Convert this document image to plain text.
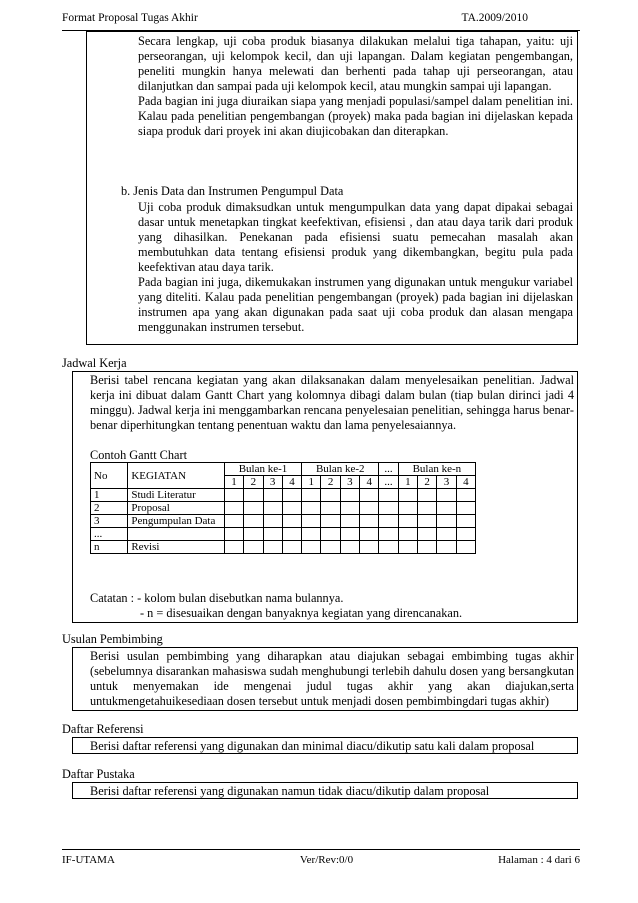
Format Proposal Tugas Akhir	TA.2009/2010

Secara lengkap, uji coba produk biasanya dilakukan melalui tiga tahapan, yaitu: uji perseorangan, uji kelompok kecil, dan uji lapangan. Dalam kegiatan pengembangan, peneliti mungkin hanya melewati dan berhenti pada tahap uji perseorangan, atau dilanjutkan dan sampai pada uji kelompok kecil, atau mungkin sampai uji lapangan.

Pada bagian ini juga diuraikan siapa yang menjadi populasi/sampel dalam penelitian ini. Kalau pada penelitian pengembangan (proyek) maka pada bagian ini dijelaskan kepada siapa produk dari proyek ini akan diujicobakan dan diterapkan.

b. Jenis Data dan Instrumen Pengumpul Data

Uji coba produk dimaksudkan untuk mengumpulkan data yang dapat dipakai sebagai dasar untuk menetapkan tingkat keefektivan, efisiensi , dan atau daya tarik dari produk yang dihasilkan. Penekanan pada efisiensi suatu pemecahan masalah akan membutuhkan data tentang efisiensi produk yang dikembangkan, begitu pula pada keefektivan atau daya tarik.

Pada bagian ini juga, dikemukakan instrumen yang digunakan untuk mengukur variabel yang diteliti. Kalau pada penelitian pengembangan (proyek) pada bagian ini dijelaskan instrumen apa yang akan digunakan pada saat uji coba produk dan alasan mengapa menggunakan instrumen tersebut.

Jadwal Kerja
Berisi tabel rencana kegiatan yang akan dilaksanakan dalam menyelesaikan penelitian. Jadwal kerja ini dibuat dalam Gantt Chart yang kolomnya dibagi dalam bulan (tiap bulan dirinci jadi 4 minggu). Jadwal kerja ini menggambarkan rencana penyelesaian penelitian, sehingga harus benar-benar diperhitungkan tentang penentuan waktu dan lama penyelesaiannya.
Contoh Gantt Chart
No	KEGIATAN	Bulan ke-1				Bulan ke-2				...	Bulan ke-n			
		1	2	3	4	1	2	3	4	...	1	2	3	4
1	Studi Literatur													
2	Proposal													
3	Pengumpulan Data													
...														
n	Revisi													
Catatan : - kolom bulan disebutkan nama bulannya.
- n = disesuaikan dengan banyaknya kegiatan yang direncanakan.
Usulan Pembimbing
Berisi usulan pembimbing yang diharapkan atau diajukan sebagai embimbing tugas akhir (sebelumnya disarankan mahasiswa sudah menghubungi terlebih dahulu dosen yang bersangkutan untuk menyemakan ide mengenai judul tugas akhir yang akan diajukan,serta untukmengetahuikesediaan dosen tersebut untuk menjadi dosen pembimbingdari tugas akhir)
Daftar Referensi
Berisi daftar referensi yang digunakan dan minimal diacu/dikutip satu kali dalam proposal
Daftar Pustaka
Berisi daftar referensi yang digunakan namun tidak diacu/dikutip dalam proposal
IF-UTAMA	Ver/Rev:0/0	Halaman : 4 dari 6
